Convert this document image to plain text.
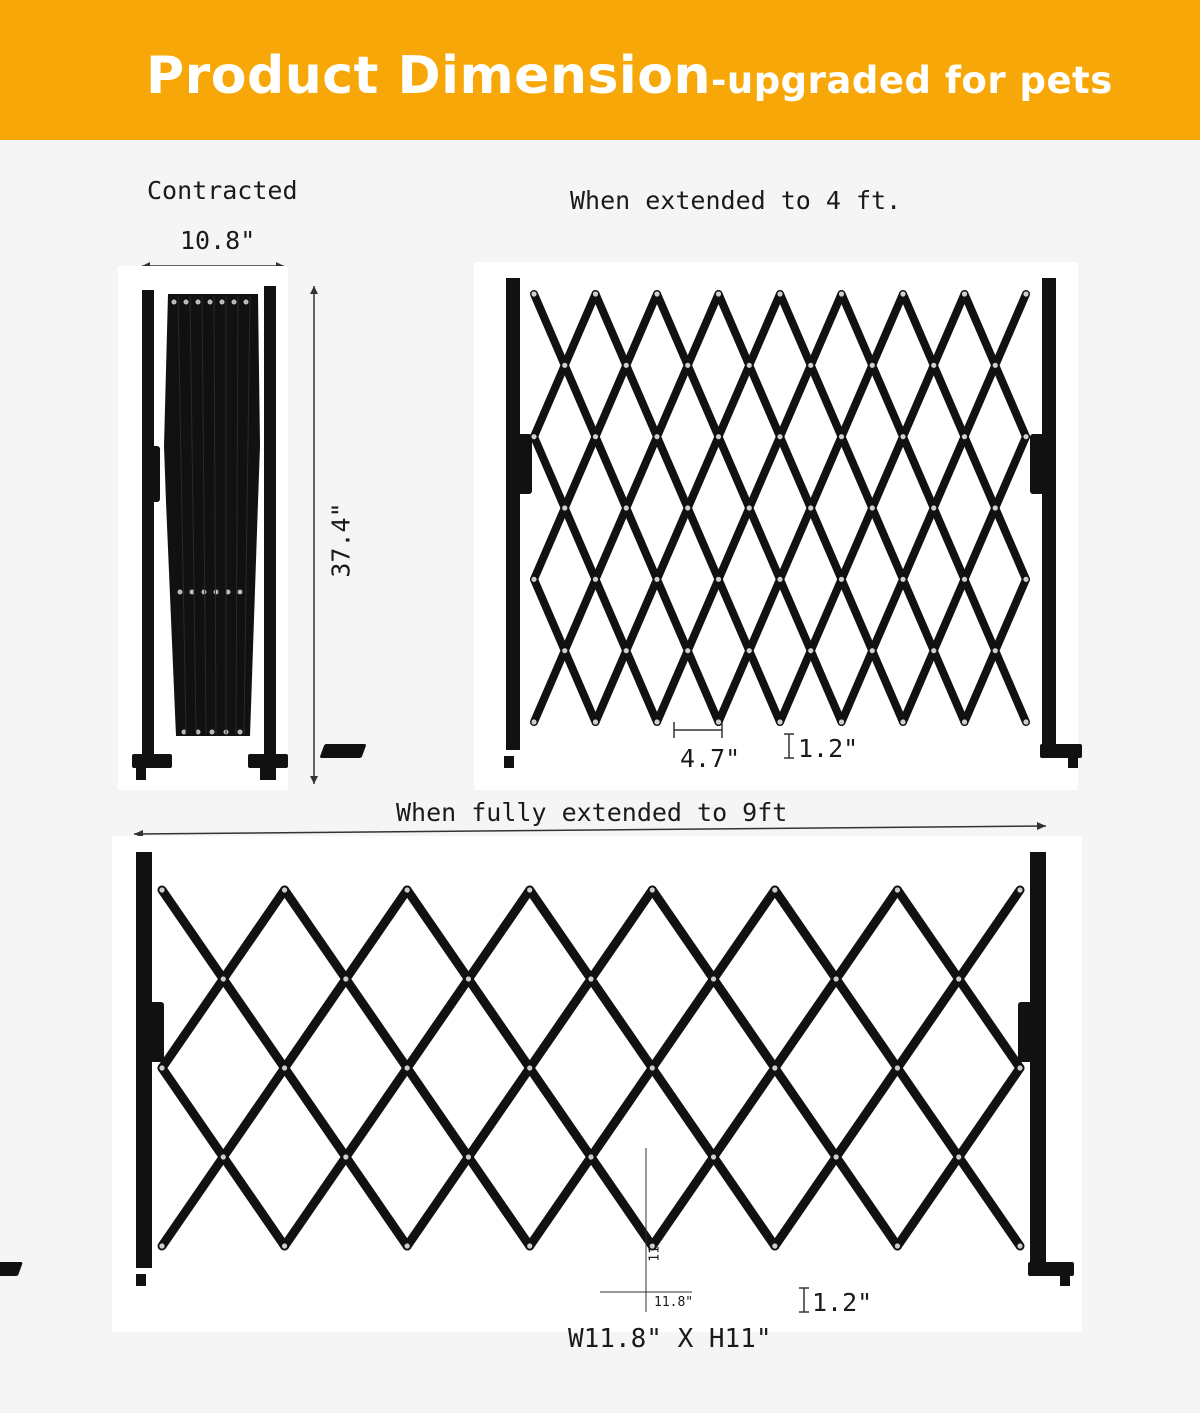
Product Dimension-upgraded for pets
Contracted
10.8"
37.4"
When extended to 4 ft.
4.7" 1.2"
When fully extended to 9ft
11"
11.8"	1.2"
W11.8" X H11"
